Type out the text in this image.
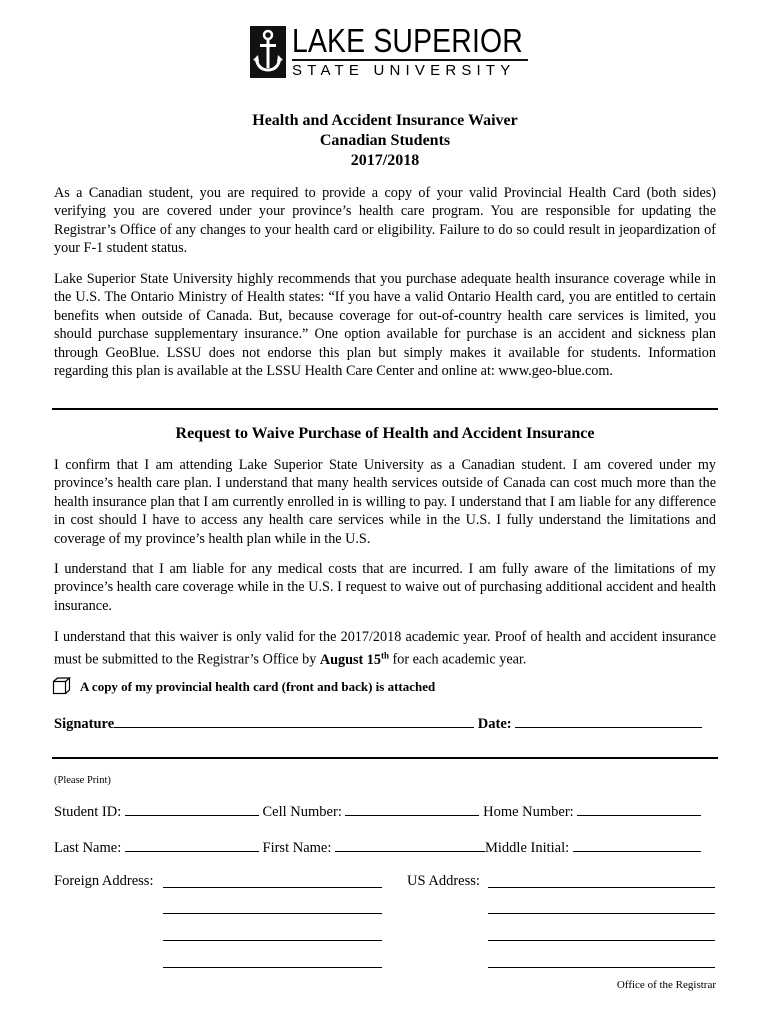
LAKE SUPERIOR
STATE UNIVERSITY
Health and Accident Insurance Waiver
Canadian Students
2017/2018
As a Canadian student, you are required to provide a copy of your valid Provincial Health Card (both sides) verifying you are covered under your province’s health care program. You are responsible for updating the Registrar’s Office of any changes to your health card or eligibility. Failure to do so could result in jeopardization of your F-1 student status.
Lake Superior State University highly recommends that you purchase adequate health insurance coverage while in the U.S. The Ontario Ministry of Health states: “If you have a valid Ontario Health card, you are entitled to certain benefits when outside of Canada. But, because coverage for out-of-country health care services is limited, you should purchase supplementary insurance.” One option available for purchase is an accident and sickness plan through GeoBlue. LSSU does not endorse this plan but simply makes it available for students. Information regarding this plan is available at the LSSU Health Care Center and online at: www.geo-blue.com.
Request to Waive Purchase of Health and Accident Insurance
I confirm that I am attending Lake Superior State University as a Canadian student. I am covered under my province’s health care plan. I understand that many health services outside of Canada can cost much more than the health insurance plan that I am currently enrolled in is willing to pay. I understand that I am liable for any difference in cost should I have to access any health care services while in the U.S. I fully understand the limitations and coverage of my province’s health plan while in the U.S.
I understand that I am liable for any medical costs that are incurred. I am fully aware of the limitations of my province’s health care coverage while in the U.S. I request to waive out of purchasing additional accident and health insurance.
I understand that this waiver is only valid for the 2017/2018 academic year. Proof of health and accident insurance must be submitted to the Registrar’s Office by August 15th for each academic year.
A copy of my provincial health card (front and back) is attached
Signature	Date:
(Please Print)
Student ID:	Cell Number:	Home Number:
Last Name:	First Name:	Middle Initial:
Foreign Address:	US Address:
Office of the Registrar
